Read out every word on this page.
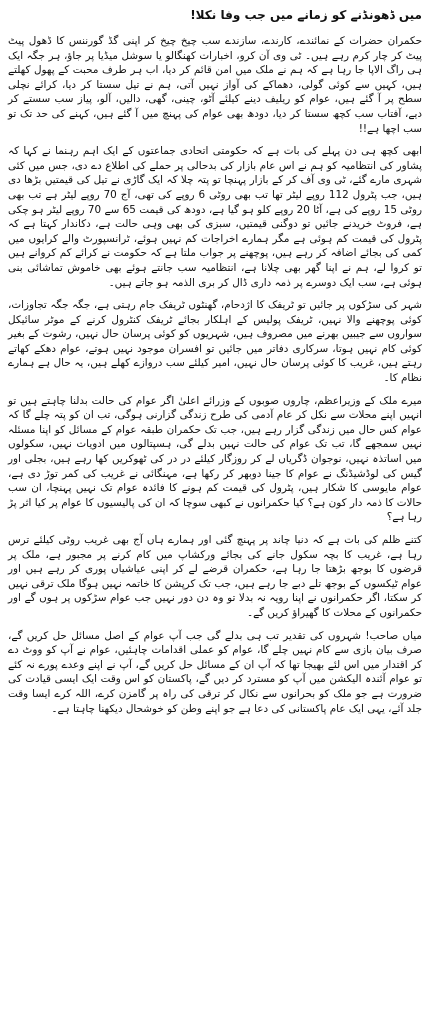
میں ڈھونڈنے کو زمانے میں جب وفا نکلا!

حکمران حضرات کے نمائندے، کارندے، سازندے سب چیخ چیخ کر اپنی گڈ گورننس کا ڈھول پیٹ پیٹ کر چار کرم رہے ہیں۔ ٹی وی آن کرو، اخبارات کھنگالو یا سوشل میڈیا پر جاؤ، ہر جگہ ایک ہی راگ الاپا جا رہا ہے کہ ہم نے ملک میں امن قائم کر دیا، اب ہر طرف محبت کے پھول کھلتے ہیں، کہیں سے کوئی گولی، دھماکے کی آواز نہیں آتی، ہم نے تیل سستا کر دیا، کرائے نچلی سطح پر آ گئے ہیں، عوام کو ریلیف دینے کیلئے آٹو، چینی، گھی، دالیں، آلو، پیاز سب سستے کر دیے، آفتاب سب کچھ سستا کر دیا، دودھ بھی عوام کی پہنچ میں آ گئے ہیں، کہنے کی حد تک تو سب اچھا ہے!!

ابھی کچھ ہی دن پہلے کی بات ہے کہ حکومتی اتحادی جماعتوں کے ایک اہم رہنما نے کہا کہ پشاور کی انتظامیہ کو ہم نے اس عام بازار کی بدحالی پر حملے کی اطلاع دے دی، جس میں کئی شہری مارے گئے، ٹی وی آف کر کے بازار پہنچا تو پتہ چلا کہ ایک گاڑی نے تیل کی قیمتیں بڑھا دی ہیں، جب پٹرول 112 روپے لیٹر تھا تب بھی روٹی 6 روپے کی تھی، آج 70 روپے لیٹر ہے تب بھی روٹی 15 روپے کی ہے، آٹا 20 روپے کلو ہو گیا ہے، دودھ کی قیمت 65 سے 70 روپے لیٹر ہو چکی ہے، فروٹ خریدنے جائیں تو دوگنی قیمتیں، سبزی کی بھی وہی حالت ہے، دکاندار کہتا ہے کہ پٹرول کی قیمت کم ہوئی ہے مگر ہمارے اخراجات کم نہیں ہوئے، ٹرانسپورٹ والے کرایوں میں کمی کی بجائے اضافہ کر رہے ہیں، پوچھنے پر جواب ملتا ہے کہ حکومت نے کرائے کم کروانے ہیں تو کروا لے، ہم نے اپنا گھر بھی چلانا ہے، انتظامیہ سب جانتے ہوئے بھی خاموش تماشائی بنی ہوئی ہے، سب ایک دوسرے پر ذمہ داری ڈال کر بری الذمہ ہو جاتے ہیں۔

شہر کی سڑکوں پر جائیں تو ٹریفک کا اژدحام، گھنٹوں ٹریفک جام رہتی ہے، جگہ جگہ تجاوزات، کوئی پوچھنے والا نہیں، ٹریفک پولیس کے اہلکار بجائے ٹریفک کنٹرول کرنے کے موٹر سائیکل سواروں سے جیبیں بھرنے میں مصروف ہیں، شہریوں کو کوئی پرسان حال نہیں، رشوت کے بغیر کوئی کام نہیں ہوتا، سرکاری دفاتر میں جائیں تو افسران موجود نہیں ہوتے، عوام دھکے کھاتے رہتے ہیں، غریب کا کوئی پرسان حال نہیں، امیر کیلئے سب دروازے کھلے ہیں، یہ حال ہے ہمارے نظام کا۔

میرے ملک کے وزیراعظم، چاروں صوبوں کے وزرائے اعلیٰ اگر عوام کی حالت بدلنا چاہتے ہیں تو انہیں اپنے محلات سے نکل کر عام آدمی کی طرح زندگی گزارنی ہوگی، تب ان کو پتہ چلے گا کہ عوام کس حال میں زندگی گزار رہے ہیں، جب تک حکمران طبقہ عوام کے مسائل کو اپنا مسئلہ نہیں سمجھے گا، تب تک عوام کی حالت نہیں بدلے گی، ہسپتالوں میں ادویات نہیں، سکولوں میں اساتذہ نہیں، نوجوان ڈگریاں لے کر روزگار کیلئے در در کی ٹھوکریں کھا رہے ہیں، بجلی اور گیس کی لوڈشیڈنگ نے عوام کا جینا دوبھر کر رکھا ہے، مہنگائی نے غریب کی کمر توڑ دی ہے، عوام مایوسی کا شکار ہیں، پٹرول کی قیمت کم ہونے کا فائدہ عوام تک نہیں پہنچا، ان سب حالات کا ذمہ دار کون ہے؟ کیا حکمرانوں نے کبھی سوچا کہ ان کی پالیسیوں کا عوام پر کیا اثر پڑ رہا ہے؟

کتنے ظلم کی بات ہے کہ دنیا چاند پر پہنچ گئی اور ہمارے ہاں آج بھی غریب روٹی کیلئے ترس رہا ہے، غریب کا بچہ سکول جانے کی بجائے ورکشاپ میں کام کرنے پر مجبور ہے، ملک پر قرضوں کا بوجھ بڑھتا جا رہا ہے، حکمران قرضے لے کر اپنی عیاشیاں پوری کر رہے ہیں اور عوام ٹیکسوں کے بوجھ تلے دبے جا رہے ہیں، جب تک کرپشن کا خاتمہ نہیں ہوگا ملک ترقی نہیں کر سکتا، اگر حکمرانوں نے اپنا رویہ نہ بدلا تو وہ دن دور نہیں جب عوام سڑکوں پر ہوں گے اور حکمرانوں کے محلات کا گھیراؤ کریں گے۔

میاں صاحب! شہروں کی تقدیر تب ہی بدلے گی جب آپ عوام کے اصل مسائل حل کریں گے، صرف بیان بازی سے کام نہیں چلے گا، عوام کو عملی اقدامات چاہئیں، عوام نے آپ کو ووٹ دے کر اقتدار میں اس لئے بھیجا تھا کہ آپ ان کے مسائل حل کریں گے، آپ نے اپنے وعدے پورے نہ کئے تو عوام آئندہ الیکشن میں آپ کو مسترد کر دیں گے، پاکستان کو اس وقت ایک ایسی قیادت کی ضرورت ہے جو ملک کو بحرانوں سے نکال کر ترقی کی راہ پر گامزن کرے، اللہ کرے ایسا وقت جلد آئے، یہی ایک عام پاکستانی کی دعا ہے جو اپنے وطن کو خوشحال دیکھنا چاہتا ہے۔
